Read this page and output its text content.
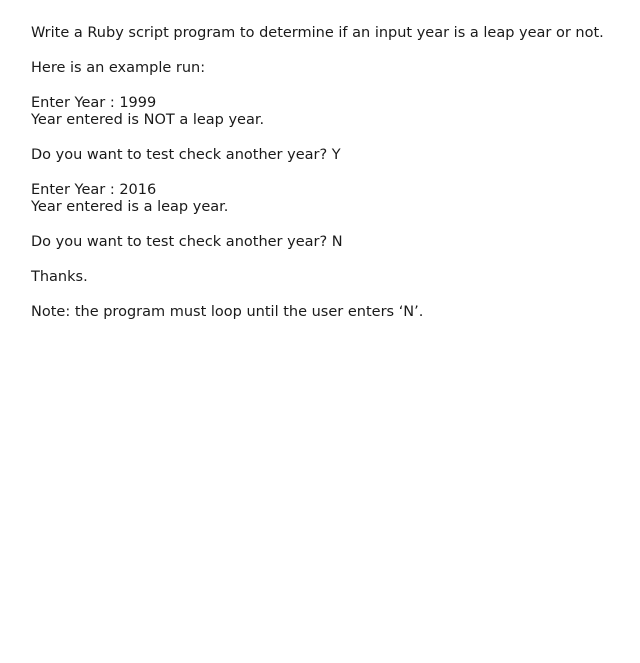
Write a Ruby script program to determine if an input year is a leap year or not.

Here is an example run:

Enter Year : 1999
Year entered is NOT a leap year.

Do you want to test check another year? Y

Enter Year : 2016
Year entered is a leap year.

Do you want to test check another year? N

Thanks.

Note: the program must loop until the user enters ‘N’.
